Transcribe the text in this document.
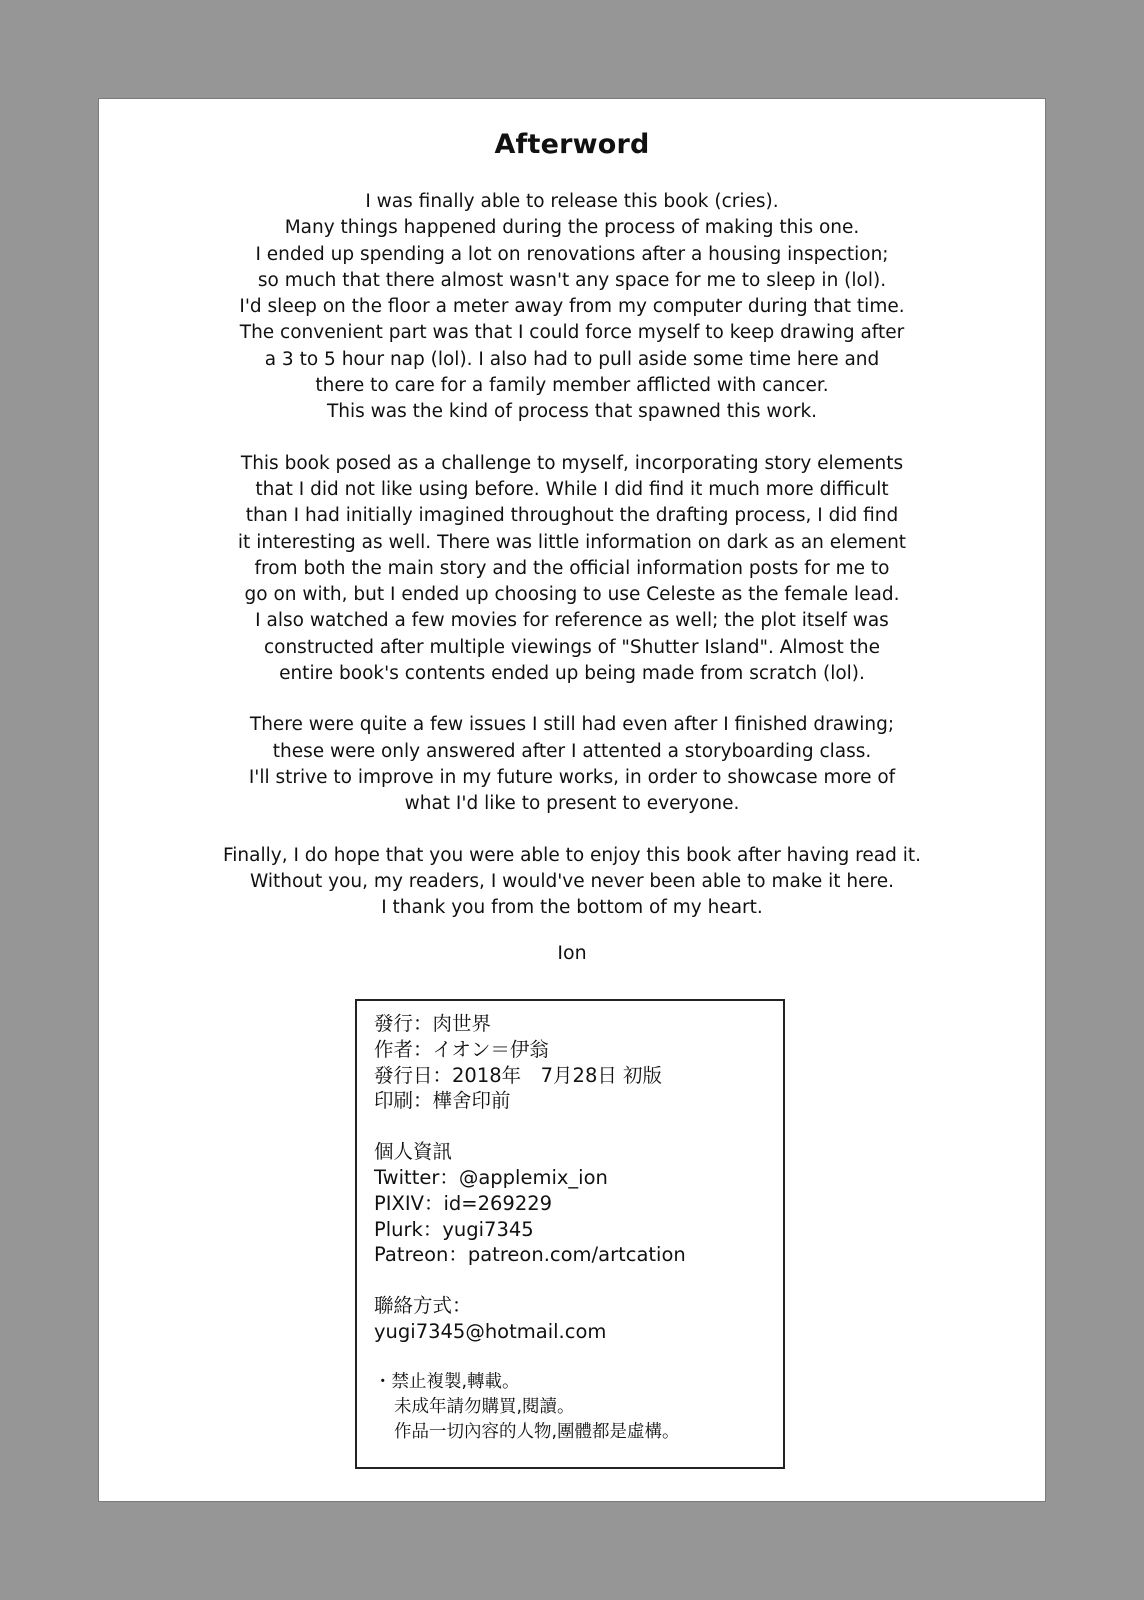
Afterword
I was finally able to release this book (cries).
Many things happened during the process of making this one.
I ended up spending a lot on renovations after a housing inspection;
so much that there almost wasn't any space for me to sleep in (lol).
I'd sleep on the floor a meter away from my computer during that time.
The convenient part was that I could force myself to keep drawing after
a 3 to 5 hour nap (lol). I also had to pull aside some time here and
there to care for a family member afflicted with cancer.
This was the kind of process that spawned this work.
This book posed as a challenge to myself, incorporating story elements
that I did not like using before. While I did find it much more difficult
than I had initially imagined throughout the drafting process, I did find
it interesting as well. There was little information on dark as an element
from both the main story and the official information posts for me to
go on with, but I ended up choosing to use Celeste as the female lead.
I also watched a few movies for reference as well; the plot itself was
constructed after multiple viewings of "Shutter Island". Almost the
entire book's contents ended up being made from scratch (lol).
There were quite a few issues I still had even after I finished drawing;
these were only answered after I attented a storyboarding class.
I'll strive to improve in my future works, in order to showcase more of
what I'd like to present to everyone.
Finally, I do hope that you were able to enjoy this book after having read it.
Without you, my readers, I would've never been able to make it here.
I thank you from the bottom of my heart.
Ion
發行：肉世界
作者：イオン＝伊翁
發行日：2018年　7月28日 初版
印刷：樺舍印前
個人資訊
Twitter：@applemix_ion
PIXIV：id=269229
Plurk：yugi7345
Patreon：patreon.com/artcation
聯絡方式：
yugi7345@hotmail.com
・禁止複製,轉載。
未成年請勿購買,閱讀。
作品一切內容的人物,團體都是虛構。
